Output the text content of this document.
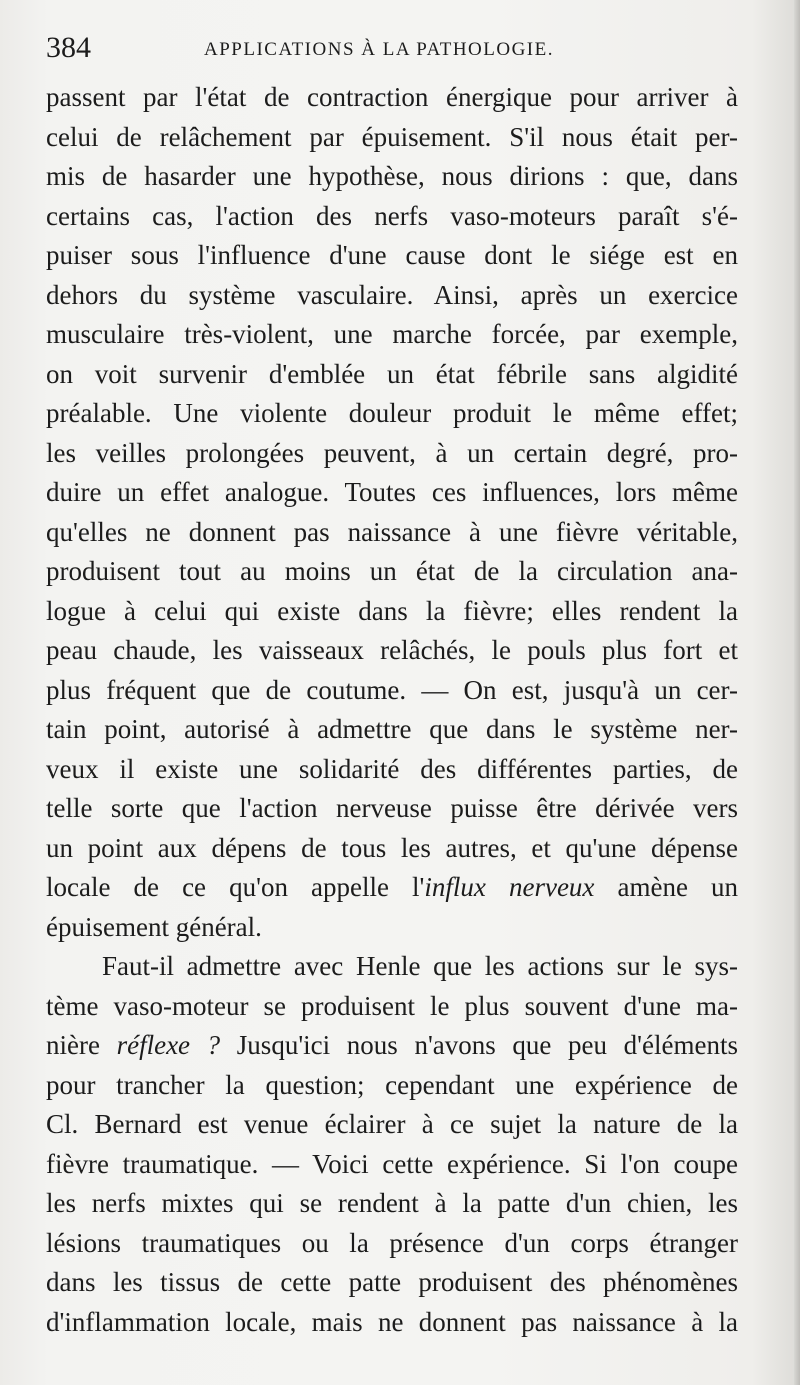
384	APPLICATIONS À LA PATHOLOGIE.
passent par l'état de contraction énergique pour arriver à
celui de relâchement par épuisement. S'il nous était per-
mis de hasarder une hypothèse, nous dirions : que, dans
certains cas, l'action des nerfs vaso-moteurs paraît s'é-
puiser sous l'influence d'une cause dont le siége est en
dehors du système vasculaire. Ainsi, après un exercice
musculaire très-violent, une marche forcée, par exemple,
on voit survenir d'emblée un état fébrile sans algidité
préalable. Une violente douleur produit le même effet;
les veilles prolongées peuvent, à un certain degré, pro-
duire un effet analogue. Toutes ces influences, lors même
qu'elles ne donnent pas naissance à une fièvre véritable,
produisent tout au moins un état de la circulation ana-
logue à celui qui existe dans la fièvre; elles rendent la
peau chaude, les vaisseaux relâchés, le pouls plus fort et
plus fréquent que de coutume. — On est, jusqu'à un cer-
tain point, autorisé à admettre que dans le système ner-
veux il existe une solidarité des différentes parties, de
telle sorte que l'action nerveuse puisse être dérivée vers
un point aux dépens de tous les autres, et qu'une dépense
locale de ce qu'on appelle l'influx nerveux amène un
épuisement général.
Faut-il admettre avec Henle que les actions sur le sys-
tème vaso-moteur se produisent le plus souvent d'une ma-
nière réflexe ? Jusqu'ici nous n'avons que peu d'éléments
pour trancher la question; cependant une expérience de
Cl. Bernard est venue éclairer à ce sujet la nature de la
fièvre traumatique. — Voici cette expérience. Si l'on coupe
les nerfs mixtes qui se rendent à la patte d'un chien, les
lésions traumatiques ou la présence d'un corps étranger
dans les tissus de cette patte produisent des phénomènes
d'inflammation locale, mais ne donnent pas naissance à la
